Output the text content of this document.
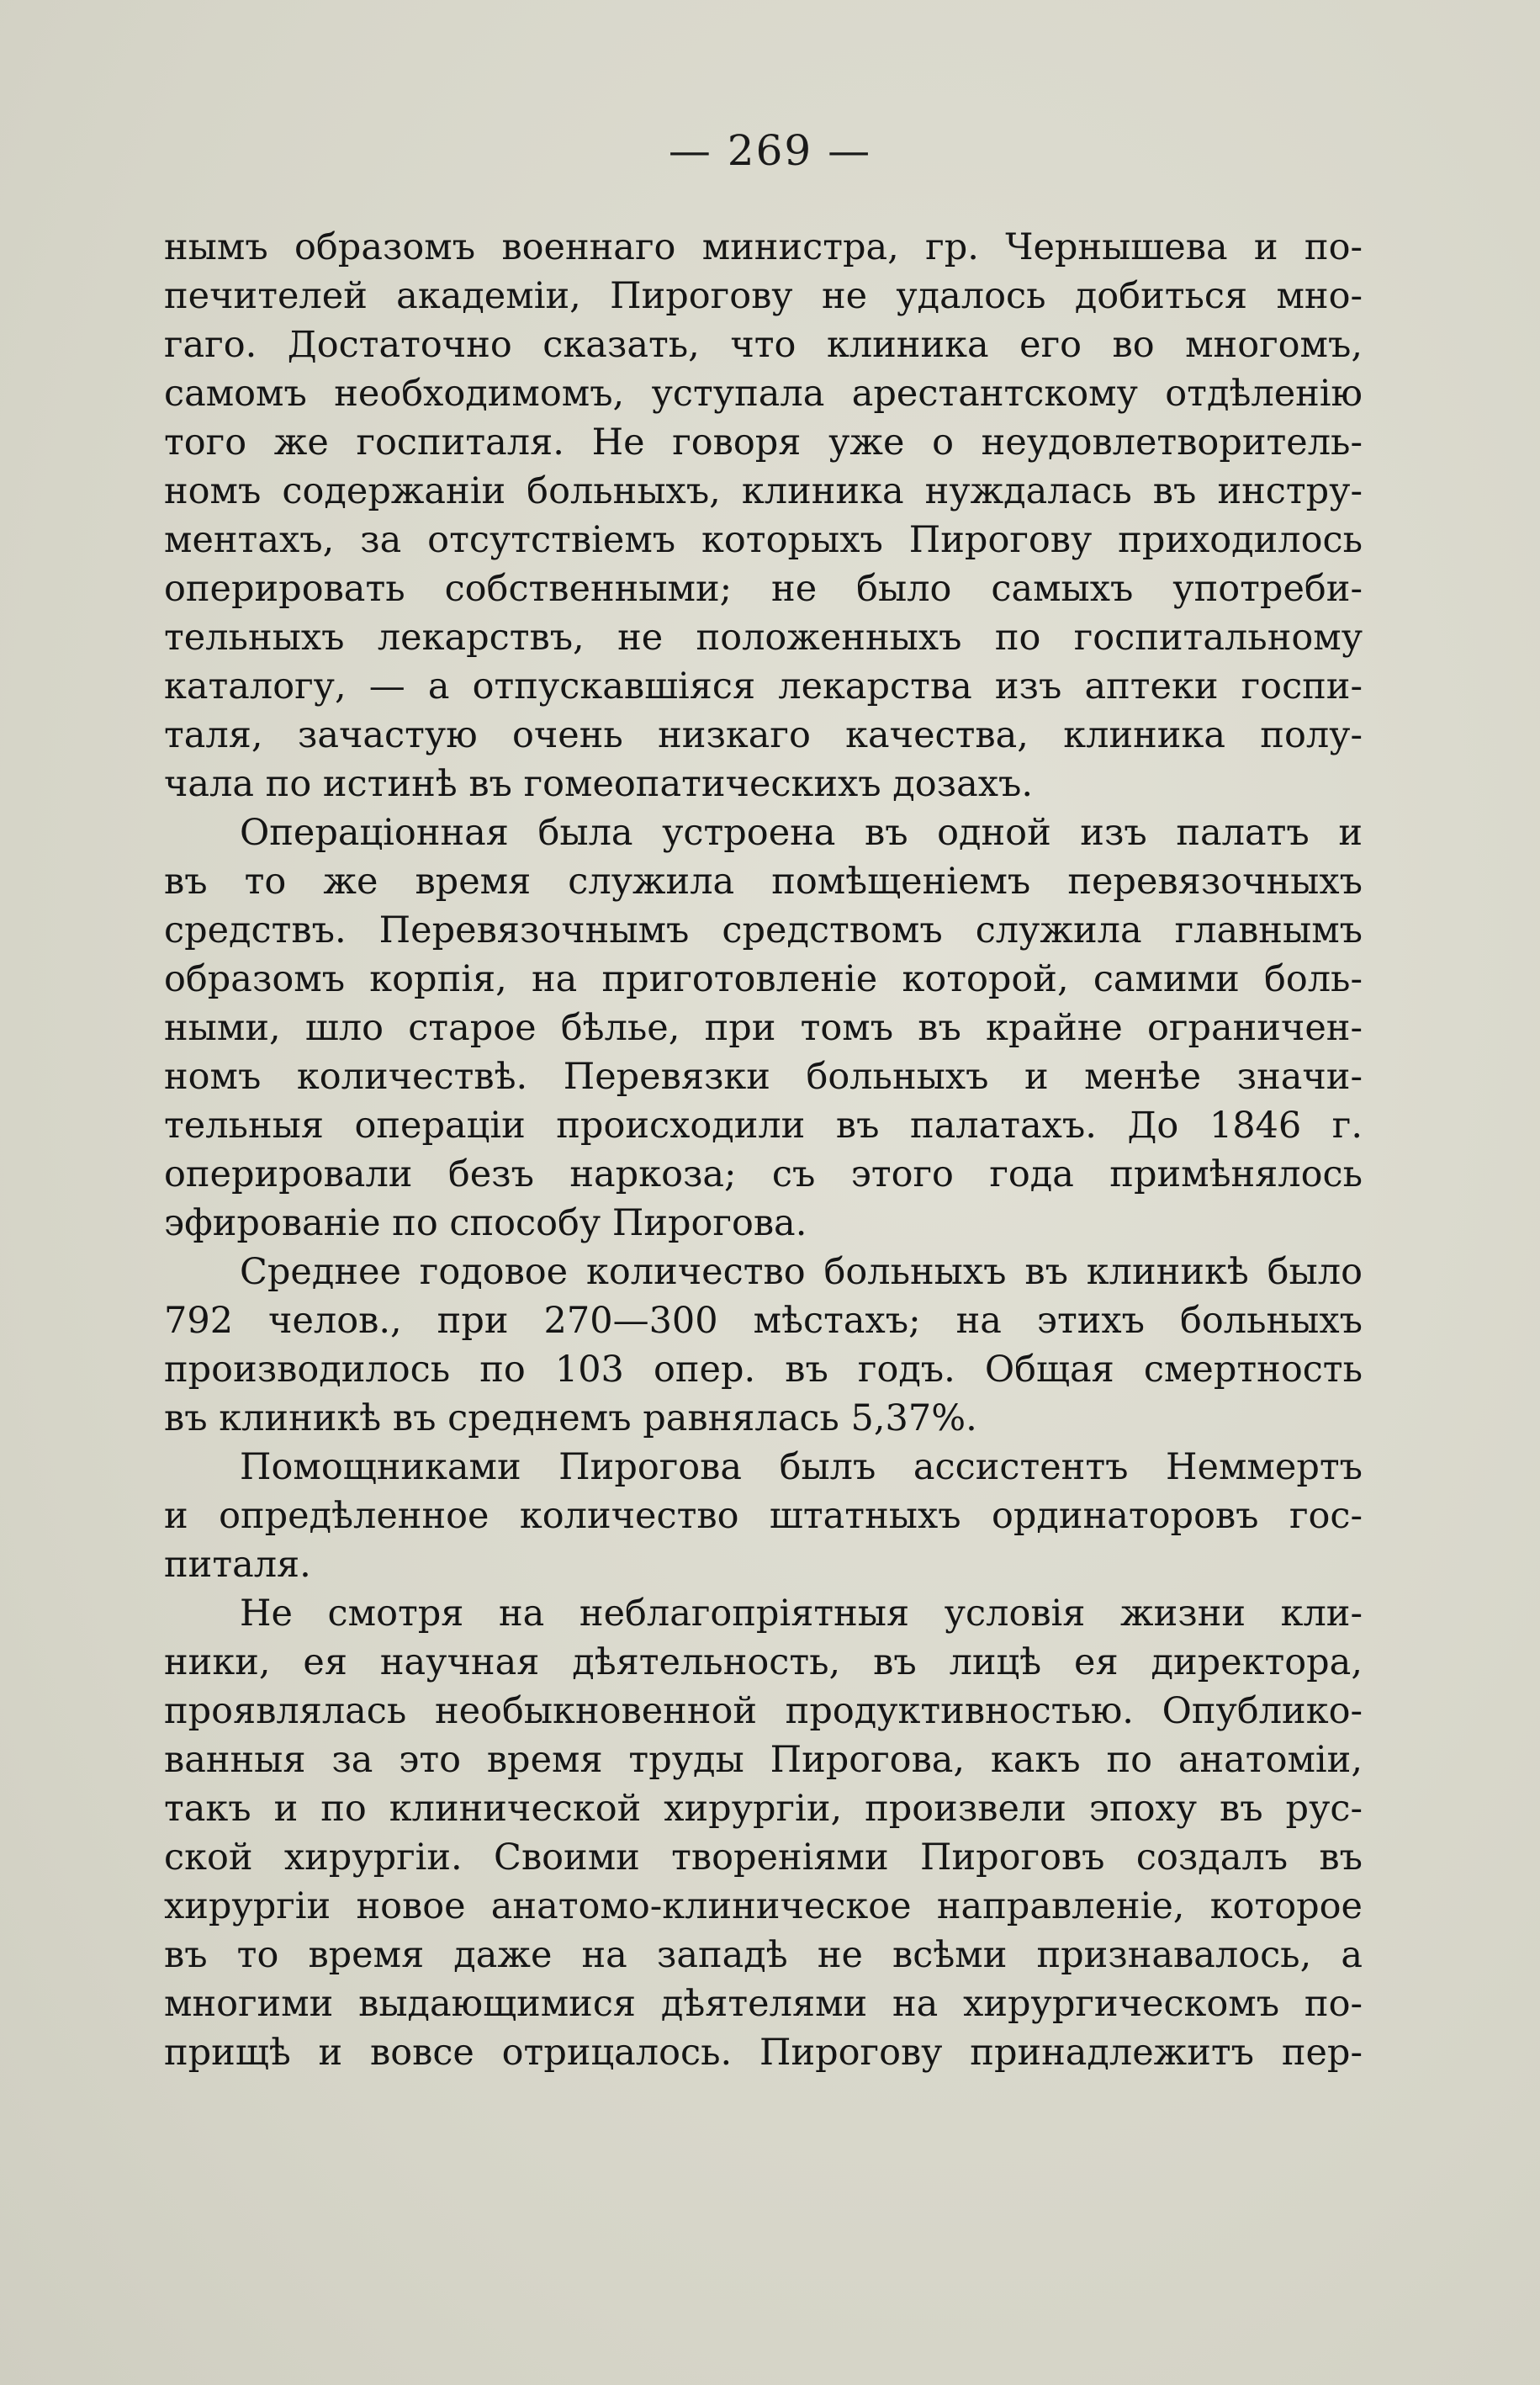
— 269 —
нымъ образомъ военнаго министра, гр. Чернышева и по-
печителей академіи, Пирогову не удалось добиться мно-
гаго. Достаточно сказать, что клиника его во многомъ,
самомъ необходимомъ, уступала арестантскому отдѣленію
того же госпиталя. Не говоря уже о неудовлетворитель-
номъ содержаніи больныхъ, клиника нуждалась въ инстру-
ментахъ, за отсутствіемъ которыхъ Пирогову приходилось
оперировать собственными; не было самыхъ употреби-
тельныхъ лекарствъ, не положенныхъ по госпитальному
каталогу, — а отпускавшіяся лекарства изъ аптеки госпи-
таля, зачастую очень низкаго качества, клиника полу-
чала по истинѣ въ гомеопатическихъ дозахъ.
Операціонная была устроена въ одной изъ палатъ и
въ то же время служила помѣщеніемъ перевязочныхъ
средствъ. Перевязочнымъ средствомъ служила главнымъ
образомъ корпія, на приготовленіе которой, самими боль-
ными, шло старое бѣлье, при томъ въ крайне ограничен-
номъ количествѣ. Перевязки больныхъ и менѣе значи-
тельныя операціи происходили въ палатахъ. До 1846 г.
оперировали безъ наркоза; съ этого года примѣнялось
эфированіе по способу Пирогова.
Среднее годовое количество больныхъ въ клиникѣ было
792 челов., при 270—300 мѣстахъ; на этихъ больныхъ
производилось по 103 опер. въ годъ. Общая смертность
въ клиникѣ въ среднемъ равнялась 5,37%.
Помощниками Пирогова былъ ассистентъ Неммертъ
и опредѣленное количество штатныхъ ординаторовъ гос-
питаля.
Не смотря на неблагопріятныя условія жизни кли-
ники, ея научная дѣятельность, въ лицѣ ея директора,
проявлялась необыкновенной продуктивностью. Опублико-
ванныя за это время труды Пирогова, какъ по анатоміи,
такъ и по клинической хирургіи, произвели эпоху въ рус-
ской хирургіи. Своими твореніями Пироговъ создалъ въ
хирургіи новое анатомо-клиническое направленіе, которое
въ то время даже на западѣ не всѣми признавалось, а
многими выдающимися дѣятелями на хирургическомъ по-
прищѣ и вовсе отрицалось. Пирогову принадлежитъ пер-
